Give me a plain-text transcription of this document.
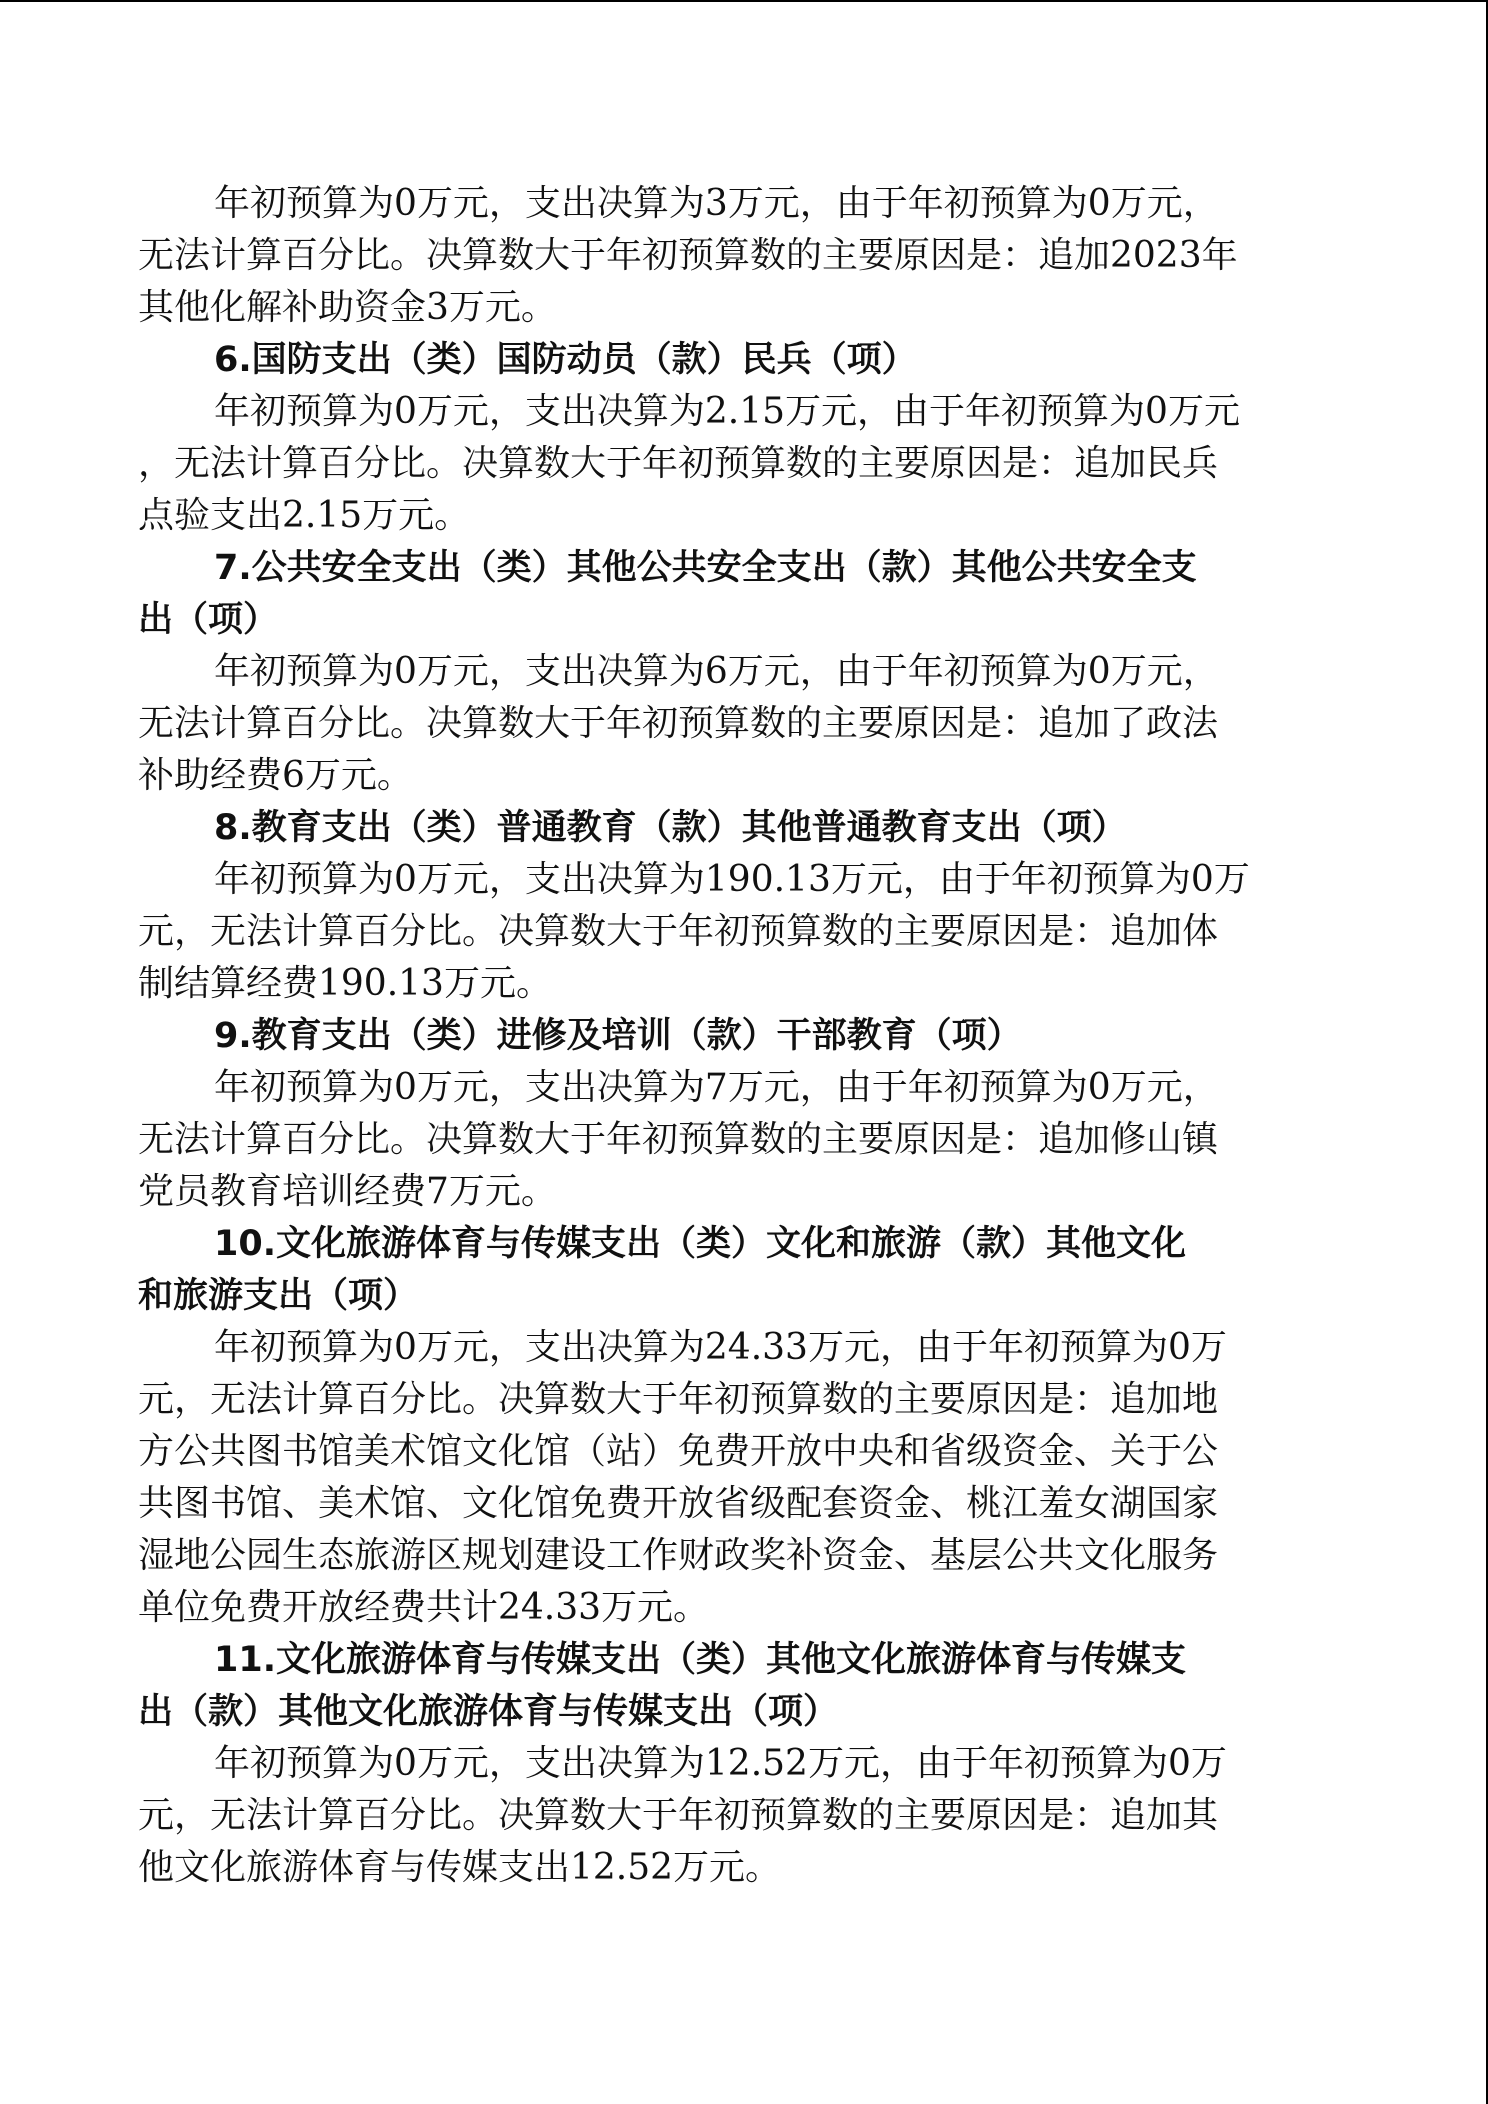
年初预算为0万元，支出决算为3万元，由于年初预算为0万元，
无法计算百分比。决算数大于年初预算数的主要原因是：追加2023年
其他化解补助资金3万元。
6.国防支出（类）国防动员（款）民兵（项）
年初预算为0万元，支出决算为2.15万元，由于年初预算为0万元
，无法计算百分比。决算数大于年初预算数的主要原因是：追加民兵
点验支出2.15万元。
7.公共安全支出（类）其他公共安全支出（款）其他公共安全支
出（项）
年初预算为0万元，支出决算为6万元，由于年初预算为0万元，
无法计算百分比。决算数大于年初预算数的主要原因是：追加了政法
补助经费6万元。
8.教育支出（类）普通教育（款）其他普通教育支出（项）
年初预算为0万元，支出决算为190.13万元，由于年初预算为0万
元，无法计算百分比。决算数大于年初预算数的主要原因是：追加体
制结算经费190.13万元。
9.教育支出（类）进修及培训（款）干部教育（项）
年初预算为0万元，支出决算为7万元，由于年初预算为0万元，
无法计算百分比。决算数大于年初预算数的主要原因是：追加修山镇
党员教育培训经费7万元。
10.文化旅游体育与传媒支出（类）文化和旅游（款）其他文化
和旅游支出（项）
年初预算为0万元，支出决算为24.33万元，由于年初预算为0万
元，无法计算百分比。决算数大于年初预算数的主要原因是：追加地
方公共图书馆美术馆文化馆（站）免费开放中央和省级资金、关于公
共图书馆、美术馆、文化馆免费开放省级配套资金、桃江羞女湖国家
湿地公园生态旅游区规划建设工作财政奖补资金、基层公共文化服务
单位免费开放经费共计24.33万元。
11.文化旅游体育与传媒支出（类）其他文化旅游体育与传媒支
出（款）其他文化旅游体育与传媒支出（项）
年初预算为0万元，支出决算为12.52万元，由于年初预算为0万
元，无法计算百分比。决算数大于年初预算数的主要原因是：追加其
他文化旅游体育与传媒支出12.52万元。
